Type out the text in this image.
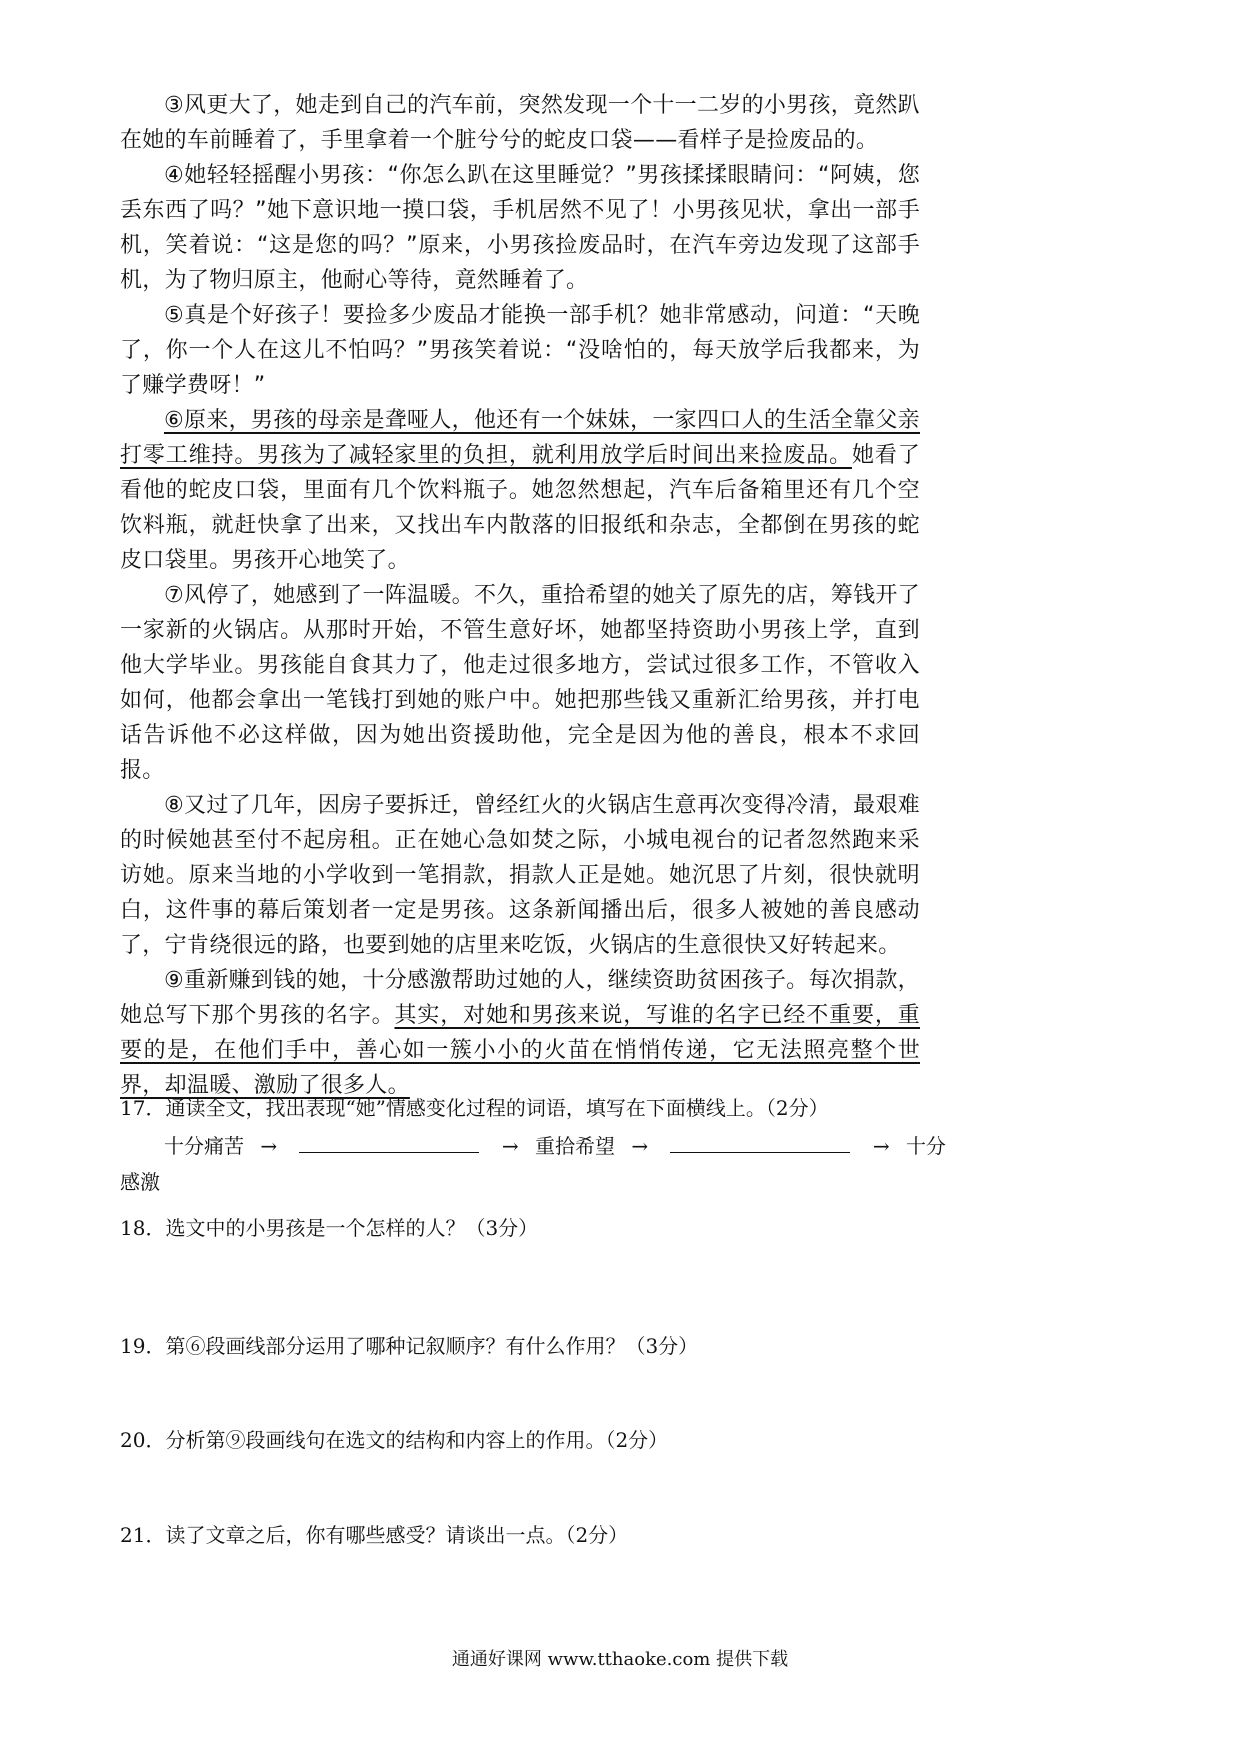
③风更大了，她走到自己的汽车前，突然发现一个十一二岁的小男孩，竟然趴在她的车前睡着了，手里拿着一个脏兮兮的蛇皮口袋——看样子是捡废品的。

④她轻轻摇醒小男孩：“你怎么趴在这里睡觉？”男孩揉揉眼睛问：“阿姨，您丢东西了吗？”她下意识地一摸口袋，手机居然不见了！小男孩见状，拿出一部手机，笑着说：“这是您的吗？”原来，小男孩捡废品时，在汽车旁边发现了这部手机，为了物归原主，他耐心等待，竟然睡着了。

⑤真是个好孩子！要捡多少废品才能换一部手机？她非常感动，问道：“天晚了，你一个人在这儿不怕吗？”男孩笑着说：“没啥怕的，每天放学后我都来，为了赚学费呀！”

⑥原来，男孩的母亲是聋哑人，他还有一个妹妹，一家四口人的生活全靠父亲打零工维持。男孩为了减轻家里的负担，就利用放学后时间出来捡废品。她看了看他的蛇皮口袋，里面有几个饮料瓶子。她忽然想起，汽车后备箱里还有几个空饮料瓶，就赶快拿了出来，又找出车内散落的旧报纸和杂志，全都倒在男孩的蛇皮口袋里。男孩开心地笑了。

⑦风停了，她感到了一阵温暖。不久，重拾希望的她关了原先的店，筹钱开了一家新的火锅店。从那时开始，不管生意好坏，她都坚持资助小男孩上学，直到他大学毕业。男孩能自食其力了，他走过很多地方，尝试过很多工作，不管收入如何，他都会拿出一笔钱打到她的账户中。她把那些钱又重新汇给男孩，并打电话告诉他不必这样做，因为她出资援助他，完全是因为他的善良，根本不求回报。

⑧又过了几年，因房子要拆迁，曾经红火的火锅店生意再次变得冷清，最艰难的时候她甚至付不起房租。正在她心急如焚之际，小城电视台的记者忽然跑来采访她。原来当地的小学收到一笔捐款，捐款人正是她。她沉思了片刻，很快就明白，这件事的幕后策划者一定是男孩。这条新闻播出后，很多人被她的善良感动了，宁肯绕很远的路，也要到她的店里来吃饭，火锅店的生意很快又好转起来。

⑨重新赚到钱的她，十分感激帮助过她的人，继续资助贫困孩子。每次捐款，她总写下那个男孩的名字。其实，对她和男孩来说，写谁的名字已经不重要，重要的是，在他们手中，善心如一簇小小的火苗在悄悄传递，它无法照亮整个世界，却温暖、激励了很多人。

17．通读全文，找出表现“她”情感变化过程的词语，填写在下面横线上。（2分）

十分痛苦 →	→ 重拾希望 →	→ 十分

感激

18．选文中的小男孩是一个怎样的人？（3分）

19．第⑥段画线部分运用了哪种记叙顺序？有什么作用？（3分）

20．分析第⑨段画线句在选文的结构和内容上的作用。（2分）

21．读了文章之后，你有哪些感受？请谈出一点。（2分）

通通好课网 www.tthaoke.com 提供下载
